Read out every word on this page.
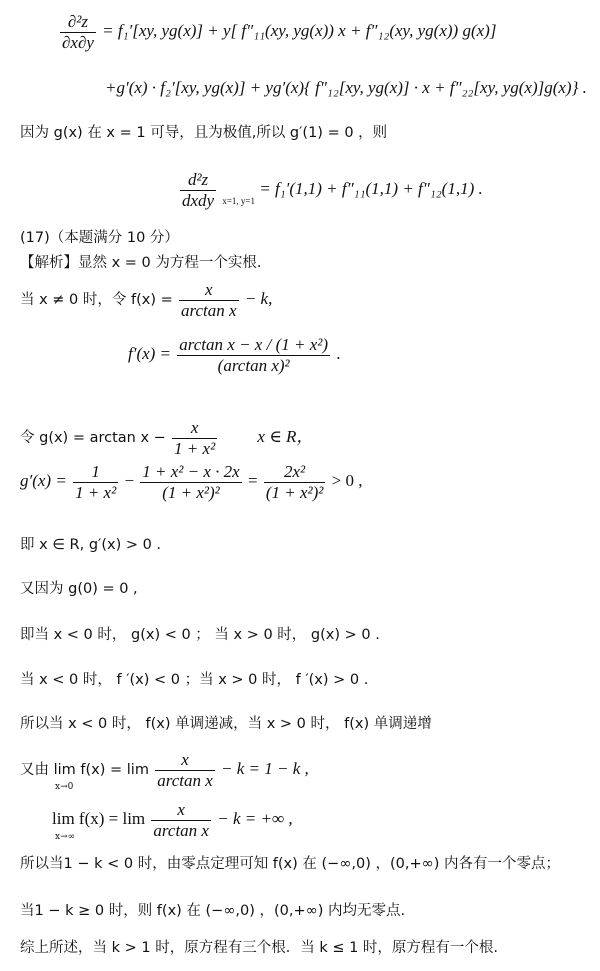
$\frac{\text{∂²z}}{\partial x\partial y} = f_1'[xy$, yg(x)] + y[ f″₁₁(xy, yg(x)) x + f″₁₂(xy, yg(x)) g(x)]
+g′(x) · f₂′[xy, yg(x)] + yg′(x){ f″₁₂[xy, yg(x)] · x + f″₂₂[xy, yg(x)]g(x)} .
因为 g(x) 在 x = 1 可导，且为极值,所以 g′(1) = 0 ，则
$\frac{\text{d²z}}{\text{dxdy}} _{x=1, y=1} = f_1'(1,1) + f''_{11}(1,1) + f''_{12}(1,1)$ .
(17)（本题满分 10 分）
【解析】显然 x = 0 为方程一个实根.
当 x ≠ 0 时，令 $f(x) = \frac{x}{\text{arctan x}} - k$,
$f'(x) = \frac{\text{arctan x − x / (1 + x²)}}{\text{(arctan x)²}}$ .
令 $g(x) = \arctan x - \frac{x}{\text{1 + x²}}$ x ∈ R，
$g'(x) = \frac{1}{\text{1 + x²}} - \frac{\text{1 + x² − x · 2x}}{\text{(1 + x²)²}} = \frac{\text{2x²}}{\text{(1 + x²)²}} > 0$ ,
即 x ∈ R, g′(x) > 0 .
又因为 g(0) = 0 ,
即当 x < 0 时， g(x) < 0 ； 当 x > 0 时， g(x) > 0 .
当 x < 0 时， f ′(x) < 0 ；当 x > 0 时， f ′(x) > 0 .
所以当 x < 0 时， f(x) 单调递减，当 x > 0 时， f(x) 单调递增
又由 $\lim f(x) = \lim \frac{x}{\text{arctan x}} - k = 1 - k$ ,
x→0
$\lim f(x) = \lim \frac{x}{\text{arctan x}} - k$ = +∞ ,
x→∞
所以当1 − k < 0 时，由零点定理可知 f(x) 在 (−∞,0) ，(0,+∞) 内各有一个零点；
当1 − k ≥ 0 时，则 f(x) 在 (−∞,0) ，(0,+∞) 内均无零点.
综上所述，当 k > 1 时，原方程有三个根．当 k ≤ 1 时，原方程有一个根.
